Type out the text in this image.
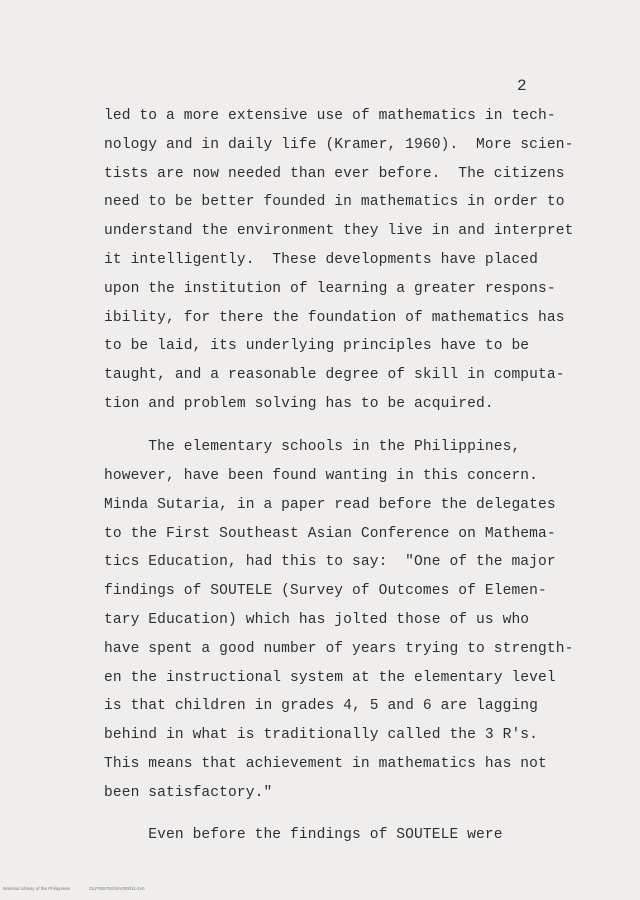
2
led to a more extensive use of mathematics in tech-
nology and in daily life (Kramer, 1960).  More scien-
tists are now needed than ever before.  The citizens
need to be better founded in mathematics in order to
understand the environment they live in and interpret
it intelligently.  These developments have placed
upon the institution of learning a greater respons-
ibility, for there the foundation of mathematics has
to be laid, its underlying principles have to be
taught, and a reasonable degree of skill in computa-
tion and problem solving has to be acquired.
The elementary schools in the Philippines,
however, have been found wanting in this concern.
Minda Sutaria, in a paper read before the delegates
to the First Southeast Asian Conference on Mathema-
tics Education, had this to say:  "One of the major
findings of SOUTELE (Survey of Outcomes of Elemen-
tary Education) which has jolted those of us who
have spent a good number of years trying to strength-
en the instructional system at the elementary level
is that children in grades 4, 5 and 6 are lagging
behind in what is traditionally called the 3 R's.
This means that achievement in mathematics has not
been satisfactory."
Even before the findings of SOUTELE were
National Library of the Philippines	DLP00579234A000011-1v0
